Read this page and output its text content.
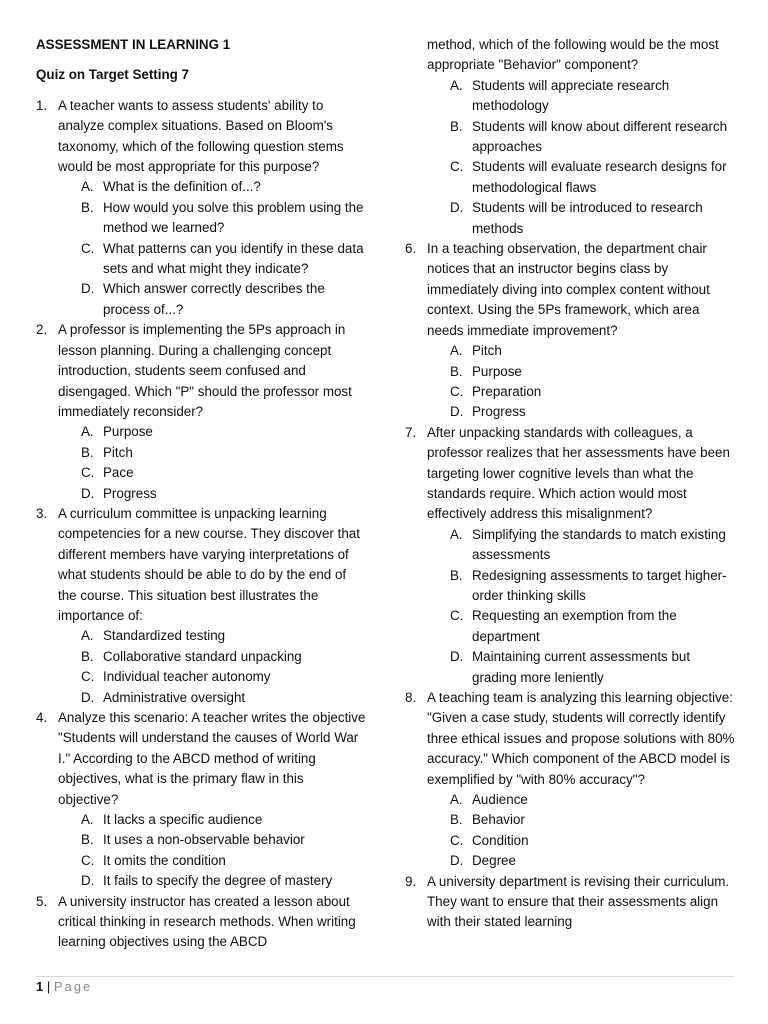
ASSESSMENT IN LEARNING 1
Quiz on Target Setting 7
1. A teacher wants to assess students' ability to analyze complex situations. Based on Bloom's taxonomy, which of the following question stems would be most appropriate for this purpose?
A. What is the definition of...?
B. How would you solve this problem using the method we learned?
C. What patterns can you identify in these data sets and what might they indicate?
D. Which answer correctly describes the process of...?
2. A professor is implementing the 5Ps approach in lesson planning. During a challenging concept introduction, students seem confused and disengaged. Which "P" should the professor most immediately reconsider?
A. Purpose
B. Pitch
C. Pace
D. Progress
3. A curriculum committee is unpacking learning competencies for a new course. They discover that different members have varying interpretations of what students should be able to do by the end of the course. This situation best illustrates the importance of:
A. Standardized testing
B. Collaborative standard unpacking
C. Individual teacher autonomy
D. Administrative oversight
4. Analyze this scenario: A teacher writes the objective "Students will understand the causes of World War I." According to the ABCD method of writing objectives, what is the primary flaw in this objective?
A. It lacks a specific audience
B. It uses a non-observable behavior
C. It omits the condition
D. It fails to specify the degree of mastery
5. A university instructor has created a lesson about critical thinking in research methods. When writing learning objectives using the ABCD
method, which of the following would be the most appropriate "Behavior" component?
A. Students will appreciate research methodology
B. Students will know about different research approaches
C. Students will evaluate research designs for methodological flaws
D. Students will be introduced to research methods
6. In a teaching observation, the department chair notices that an instructor begins class by immediately diving into complex content without context. Using the 5Ps framework, which area needs immediate improvement?
A. Pitch
B. Purpose
C. Preparation
D. Progress
7. After unpacking standards with colleagues, a professor realizes that her assessments have been targeting lower cognitive levels than what the standards require. Which action would most effectively address this misalignment?
A. Simplifying the standards to match existing assessments
B. Redesigning assessments to target higher-order thinking skills
C. Requesting an exemption from the department
D. Maintaining current assessments but grading more leniently
8. A teaching team is analyzing this learning objective: "Given a case study, students will correctly identify three ethical issues and propose solutions with 80% accuracy." Which component of the ABCD model is exemplified by "with 80% accuracy"?
A. Audience
B. Behavior
C. Condition
D. Degree
9. A university department is revising their curriculum. They want to ensure that their assessments align with their stated learning
1 | Page
